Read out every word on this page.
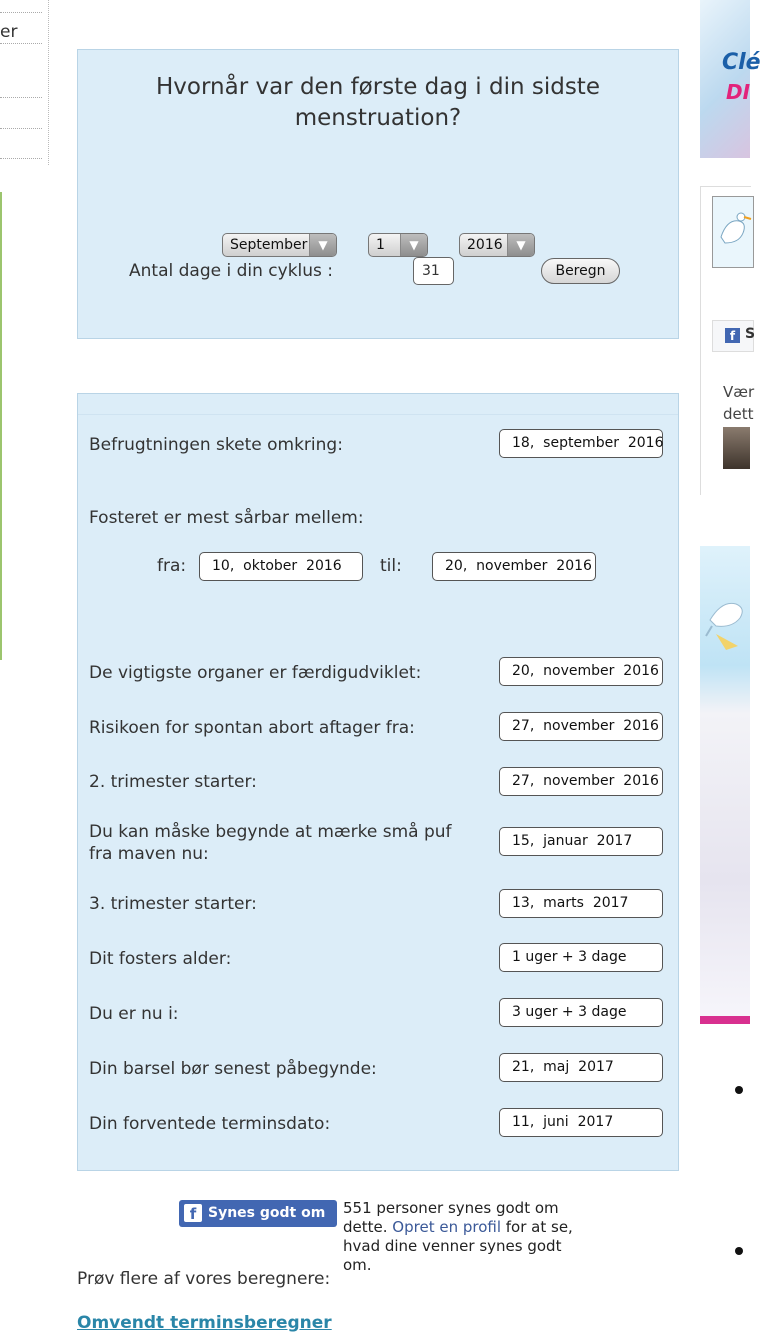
er
Hvornår var den første dag i din sidste menstruation?
September ▼	1	▼	2016	▼
Antal dage i din cyklus :	31	Beregn
Befrugtningen skete omkring:	18,  september  2016
Fosteret er mest sårbar mellem:
fra:	10,  oktober  2016	til:	20,  november  2016
De vigtigste organer er færdigudviklet:	20,  november  2016
Risikoen for spontan abort aftager fra:	27,  november  2016
2. trimester starter:	27,  november  2016
Du kan måske begynde at mærke små puf fra maven nu:
15,  januar  2017
3. trimester starter:	13,  marts  2017
Dit fosters alder:	1 uger + 3 dage
Du er nu i:	3 uger + 3 dage
Din barsel bør senest påbegynde:	21,  maj  2017
Din forventede terminsdato:	11,  juni  2017
f Synes godt om 551 personer synes godt om dette. Opret en profil for at se, hvad dine venner synes godt om.
Prøv flere af vores beregnere:
Omvendt terminsberegner
Clé
DI
f S
Vær
dett
